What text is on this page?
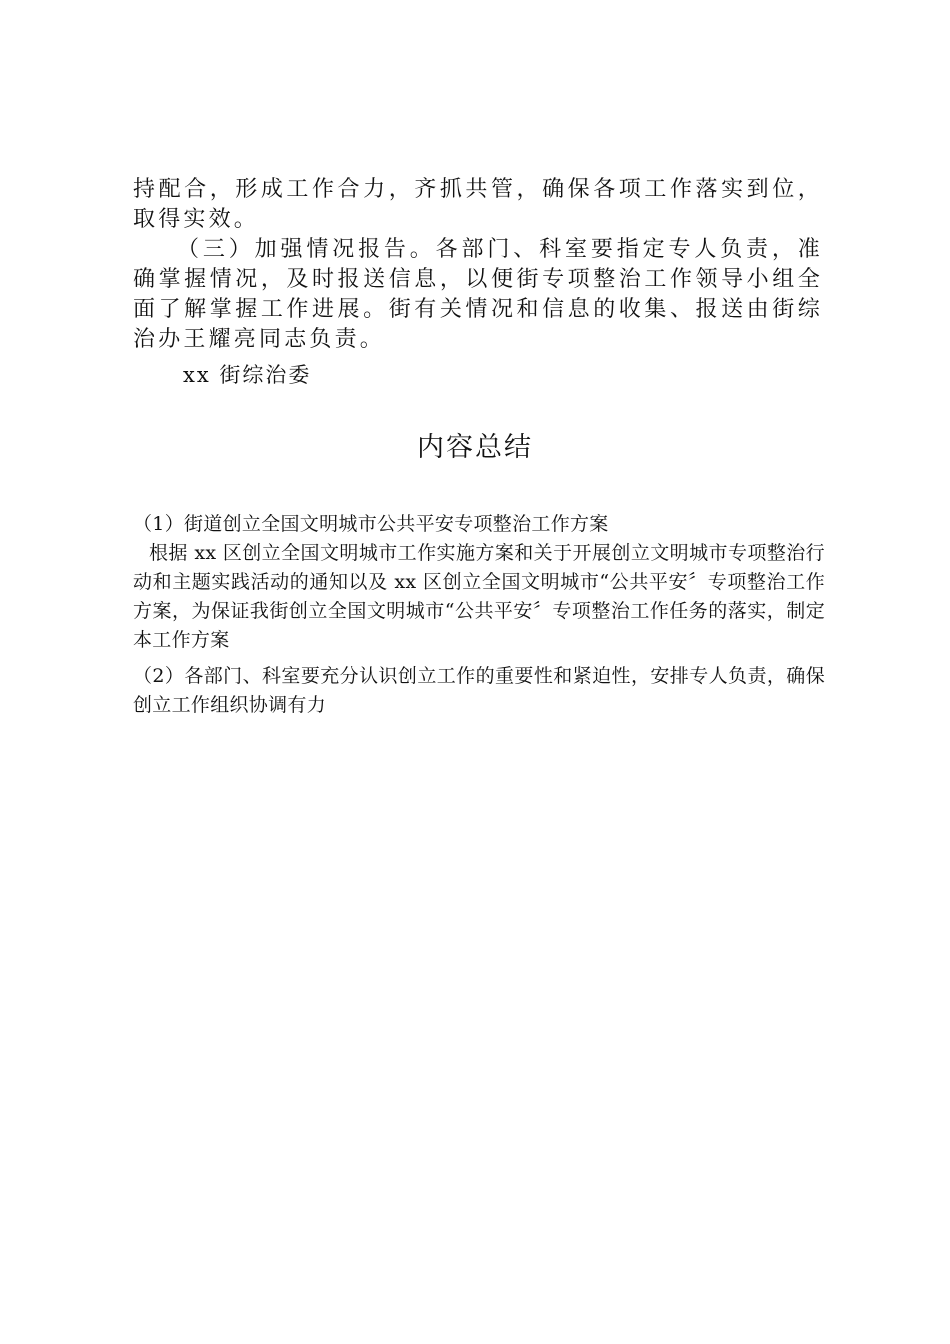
持配合，形成工作合力，齐抓共管，确保各项工作落实到位，取得实效。

（三）加强情况报告。各部门、科室要指定专人负责，准确掌握情况，及时报送信息，以便街专项整治工作领导小组全面了解掌握工作进展。街有关情况和信息的收集、报送由街综治办王耀亮同志负责。

xx 街综治委

内容总结

（1）街道创立全国文明城市公共平安专项整治工作方案

根据 xx 区创立全国文明城市工作实施方案和关于开展创立文明城市专项整治行动和主题实践活动的通知以及 xx 区创立全国文明城市“公共平安〞专项整治工作方案，为保证我街创立全国文明城市“公共平安〞专项整治工作任务的落实，制定本工作方案

（2）各部门、科室要充分认识创立工作的重要性和紧迫性，安排专人负责，确保创立工作组织协调有力
